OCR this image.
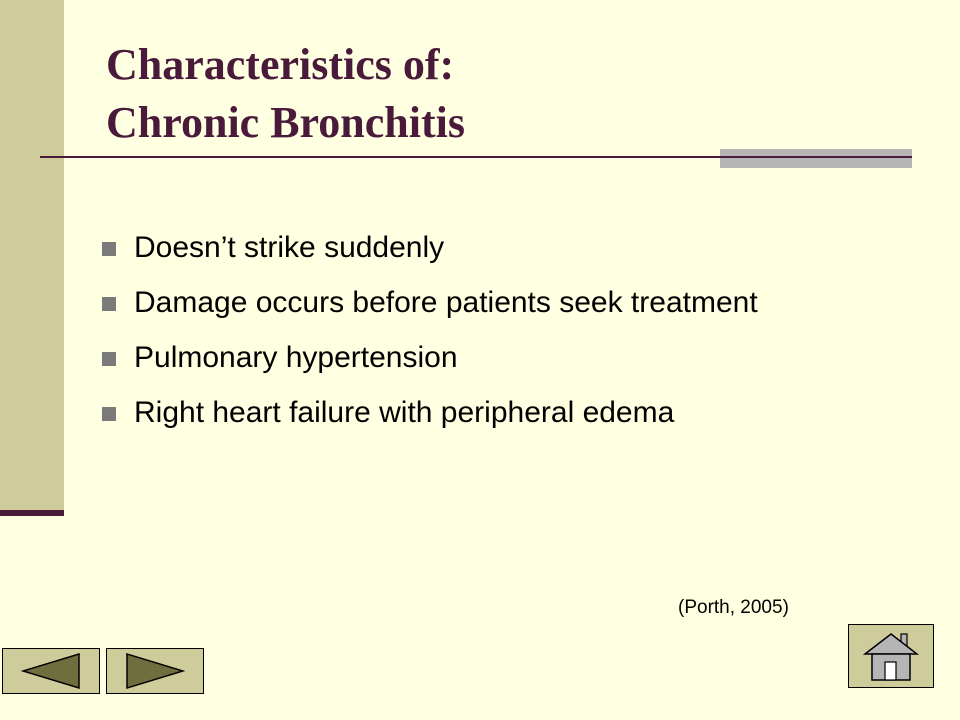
Characteristics of:
Chronic Bronchitis
Doesn’t strike suddenly
Damage occurs before patients seek treatment
Pulmonary hypertension
Right heart failure with peripheral edema
(Porth, 2005)
